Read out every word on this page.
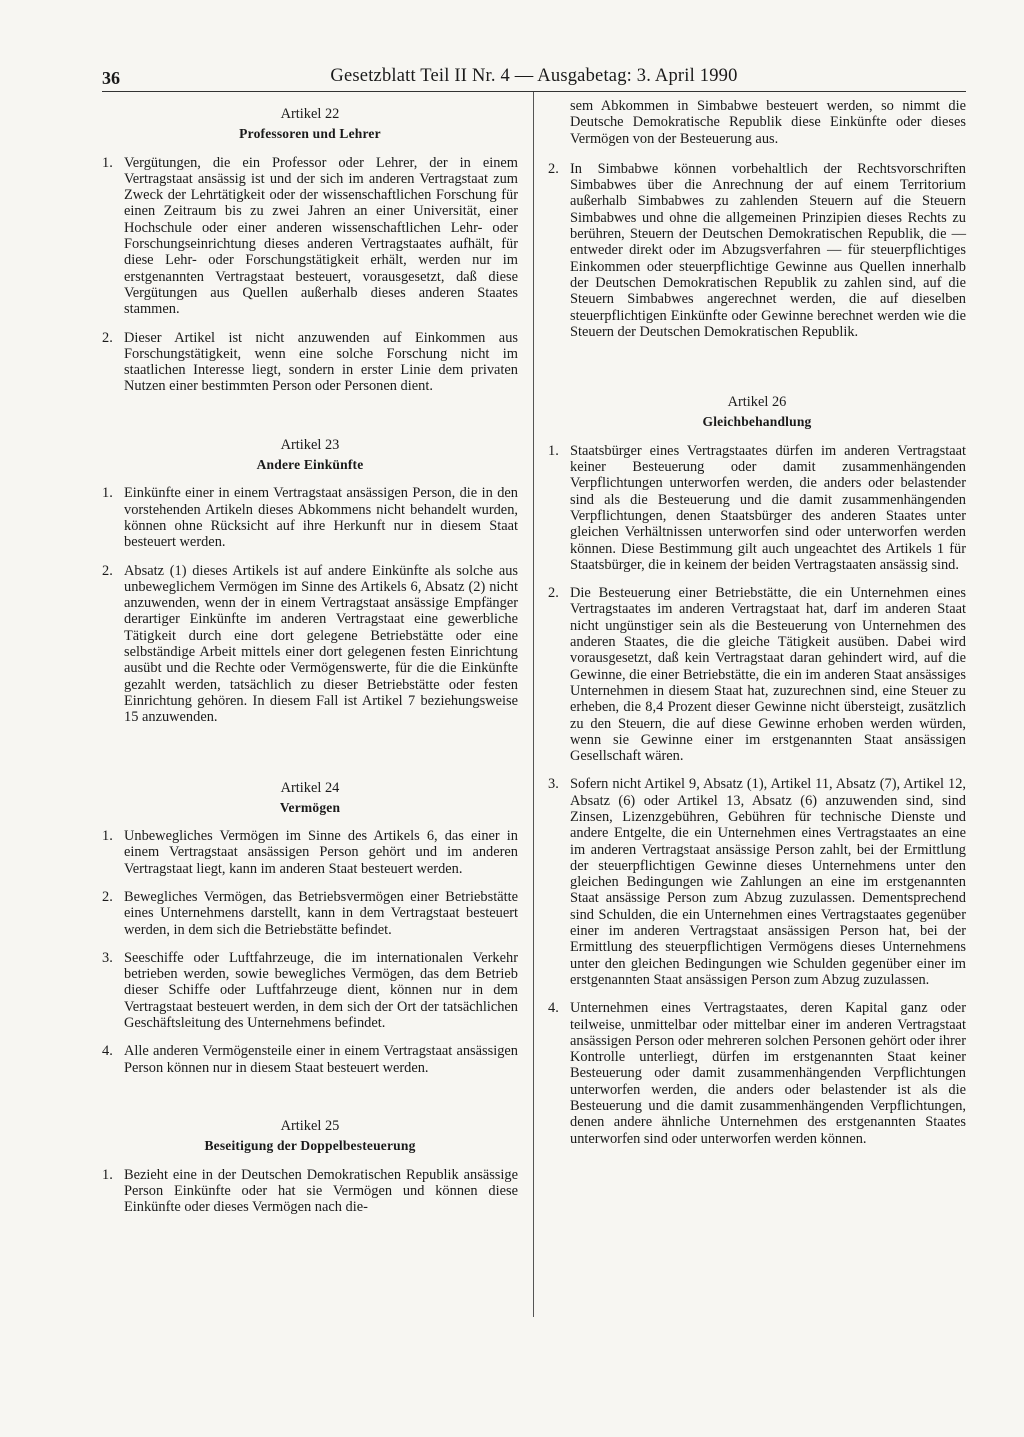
36	Gesetzblatt Teil II Nr. 4 — Ausgabetag: 3. April 1990
Artikel 22
Professoren und Lehrer
1. Vergütungen, die ein Professor oder Lehrer, der in einem Vertragstaat ansässig ist und der sich im anderen Vertragstaat zum Zweck der Lehrtätigkeit oder der wissenschaftlichen Forschung für einen Zeitraum bis zu zwei Jahren an einer Universität, einer Hochschule oder einer anderen wissenschaftlichen Lehr- oder Forschungseinrichtung dieses anderen Vertragstaates aufhält, für diese Lehr- oder Forschungstätigkeit erhält, werden nur im erstgenannten Vertragstaat besteuert, vorausgesetzt, daß diese Vergütungen aus Quellen außerhalb dieses anderen Staates stammen.
2. Dieser Artikel ist nicht anzuwenden auf Einkommen aus Forschungstätigkeit, wenn eine solche Forschung nicht im staatlichen Interesse liegt, sondern in erster Linie dem privaten Nutzen einer bestimmten Person oder Personen dient.
Artikel 23
Andere Einkünfte
1. Einkünfte einer in einem Vertragstaat ansässigen Person, die in den vorstehenden Artikeln dieses Abkommens nicht behandelt wurden, können ohne Rücksicht auf ihre Herkunft nur in diesem Staat besteuert werden.
2. Absatz (1) dieses Artikels ist auf andere Einkünfte als solche aus unbeweglichem Vermögen im Sinne des Artikels 6, Absatz (2) nicht anzuwenden, wenn der in einem Vertragstaat ansässige Empfänger derartiger Einkünfte im anderen Vertragstaat eine gewerbliche Tätigkeit durch eine dort gelegene Betriebstätte oder eine selbständige Arbeit mittels einer dort gelegenen festen Einrichtung ausübt und die Rechte oder Vermögenswerte, für die die Einkünfte gezahlt werden, tatsächlich zu dieser Betriebstätte oder festen Einrichtung gehören. In diesem Fall ist Artikel 7 beziehungsweise 15 anzuwenden.
Artikel 24
Vermögen
1. Unbewegliches Vermögen im Sinne des Artikels 6, das einer in einem Vertragstaat ansässigen Person gehört und im anderen Vertragstaat liegt, kann im anderen Staat besteuert werden.
2. Bewegliches Vermögen, das Betriebsvermögen einer Betriebstätte eines Unternehmens darstellt, kann in dem Vertragstaat besteuert werden, in dem sich die Betriebstätte befindet.
3. Seeschiffe oder Luftfahrzeuge, die im internationalen Verkehr betrieben werden, sowie bewegliches Vermögen, das dem Betrieb dieser Schiffe oder Luftfahrzeuge dient, können nur in dem Vertragstaat besteuert werden, in dem sich der Ort der tatsächlichen Geschäftsleitung des Unternehmens befindet.
4. Alle anderen Vermögensteile einer in einem Vertragstaat ansässigen Person können nur in diesem Staat besteuert werden.
Artikel 25
Beseitigung der Doppelbesteuerung
1. Bezieht eine in der Deutschen Demokratischen Republik ansässige Person Einkünfte oder hat sie Vermögen und können diese Einkünfte oder dieses Vermögen nach die-
sem Abkommen in Simbabwe besteuert werden, so nimmt die Deutsche Demokratische Republik diese Einkünfte oder dieses Vermögen von der Besteuerung aus.
2. In Simbabwe können vorbehaltlich der Rechtsvorschriften Simbabwes über die Anrechnung der auf einem Territorium außerhalb Simbabwes zu zahlenden Steuern auf die Steuern Simbabwes und ohne die allgemeinen Prinzipien dieses Rechts zu berühren, Steuern der Deutschen Demokratischen Republik, die — entweder direkt oder im Abzugsverfahren — für steuerpflichtiges Einkommen oder steuerpflichtige Gewinne aus Quellen innerhalb der Deutschen Demokratischen Republik zu zahlen sind, auf die Steuern Simbabwes angerechnet werden, die auf dieselben steuerpflichtigen Einkünfte oder Gewinne berechnet werden wie die Steuern der Deutschen Demokratischen Republik.
Artikel 26
Gleichbehandlung
1. Staatsbürger eines Vertragstaates dürfen im anderen Vertragstaat keiner Besteuerung oder damit zusammenhängenden Verpflichtungen unterworfen werden, die anders oder belastender sind als die Besteuerung und die damit zusammenhängenden Verpflichtungen, denen Staatsbürger des anderen Staates unter gleichen Verhältnissen unterworfen sind oder unterworfen werden können. Diese Bestimmung gilt auch ungeachtet des Artikels 1 für Staatsbürger, die in keinem der beiden Vertragstaaten ansässig sind.
2. Die Besteuerung einer Betriebstätte, die ein Unternehmen eines Vertragstaates im anderen Vertragstaat hat, darf im anderen Staat nicht ungünstiger sein als die Besteuerung von Unternehmen des anderen Staates, die die gleiche Tätigkeit ausüben. Dabei wird vorausgesetzt, daß kein Vertragstaat daran gehindert wird, auf die Gewinne, die einer Betriebstätte, die ein im anderen Staat ansässiges Unternehmen in diesem Staat hat, zuzurechnen sind, eine Steuer zu erheben, die 8,4 Prozent dieser Gewinne nicht übersteigt, zusätzlich zu den Steuern, die auf diese Gewinne erhoben werden würden, wenn sie Gewinne einer im erstgenannten Staat ansässigen Gesellschaft wären.
3. Sofern nicht Artikel 9, Absatz (1), Artikel 11, Absatz (7), Artikel 12, Absatz (6) oder Artikel 13, Absatz (6) anzuwenden sind, sind Zinsen, Lizenzgebühren, Gebühren für technische Dienste und andere Entgelte, die ein Unternehmen eines Vertragstaates an eine im anderen Vertragstaat ansässige Person zahlt, bei der Ermittlung der steuerpflichtigen Gewinne dieses Unternehmens unter den gleichen Bedingungen wie Zahlungen an eine im erstgenannten Staat ansässige Person zum Abzug zuzulassen. Dementsprechend sind Schulden, die ein Unternehmen eines Vertragstaates gegenüber einer im anderen Vertragstaat ansässigen Person hat, bei der Ermittlung des steuerpflichtigen Vermögens dieses Unternehmens unter den gleichen Bedingungen wie Schulden gegenüber einer im erstgenannten Staat ansässigen Person zum Abzug zuzulassen.
4. Unternehmen eines Vertragstaates, deren Kapital ganz oder teilweise, unmittelbar oder mittelbar einer im anderen Vertragstaat ansässigen Person oder mehreren solchen Personen gehört oder ihrer Kontrolle unterliegt, dürfen im erstgenannten Staat keiner Besteuerung oder damit zusammenhängenden Verpflichtungen unterworfen werden, die anders oder belastender ist als die Besteuerung und die damit zusammenhängenden Verpflichtungen, denen andere ähnliche Unternehmen des erstgenannten Staates unterworfen sind oder unterworfen werden können.
